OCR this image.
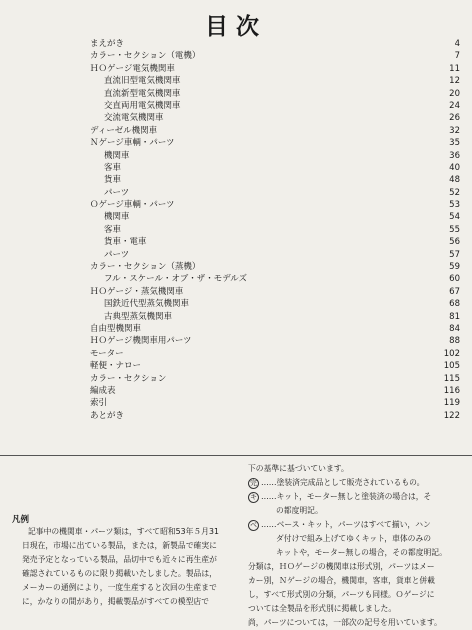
目次
まえがき	4
カラー・セクション（電機）	7
ＨＯゲージ電気機関車	11
直流旧型電気機関車	12
直流新型電気機関車	20
交直両用電気機関車	24
交流電気機関車	26
ディーゼル機関車	32
Ｎゲージ車輌・パーツ	35
機関車	36
客車	40
貨車	48
パーツ	52
Ｏゲージ車輌・パーツ	53
機関車	54
客車	55
貨車・電車	56
パーツ	57
カラー・セクション（蒸機）	59
フル・スケール・オブ・ザ・モデルズ	60
ＨＯゲージ・蒸気機関車	67
国鉄近代型蒸気機関車	68
古典型蒸気機関車	81
自由型機関車	84
ＨＯゲージ機関車用パーツ	88
モーター	102
軽便・ナロー	105
カラー・セクション	115
編成表	116
索引	119
あとがき	122

下の基準に基づいています。

完 ……塗装済完成品として販売されているもの。

キ ……キット，モーター無しと塗装済の場合は，そ

の都度明記。

ベ ……ベース・キット，パーツはすべて揃い，ハン

ダ付けで組み上げてゆくキット，車体のみの

キットや，モーター無しの場合，その都度明記。

分類は，ＨＯゲージの機関車は形式別，パーツはメー

カー別，Ｎゲージの場合，機関車，客車，貨車と併載

し，すべて形式別の分類，パーツも同様。Ｏゲージに

ついては全製品を形式別に掲載しました。

尚，パーツについては，一部次の記号を用いています。

凡例

記事中の機関車・パーツ類は，すべて昭和53年５月31

日現在，市場に出ている製品，または，新製品で確実に

発売予定となっている製品，品切中でも近々に再生産が

確認されているものに限り掲載いたしました。製品は，

メーカーの通例により，一度生産すると次回の生産まで

に，かなりの間があり，掲載製品がすべての模型店で
